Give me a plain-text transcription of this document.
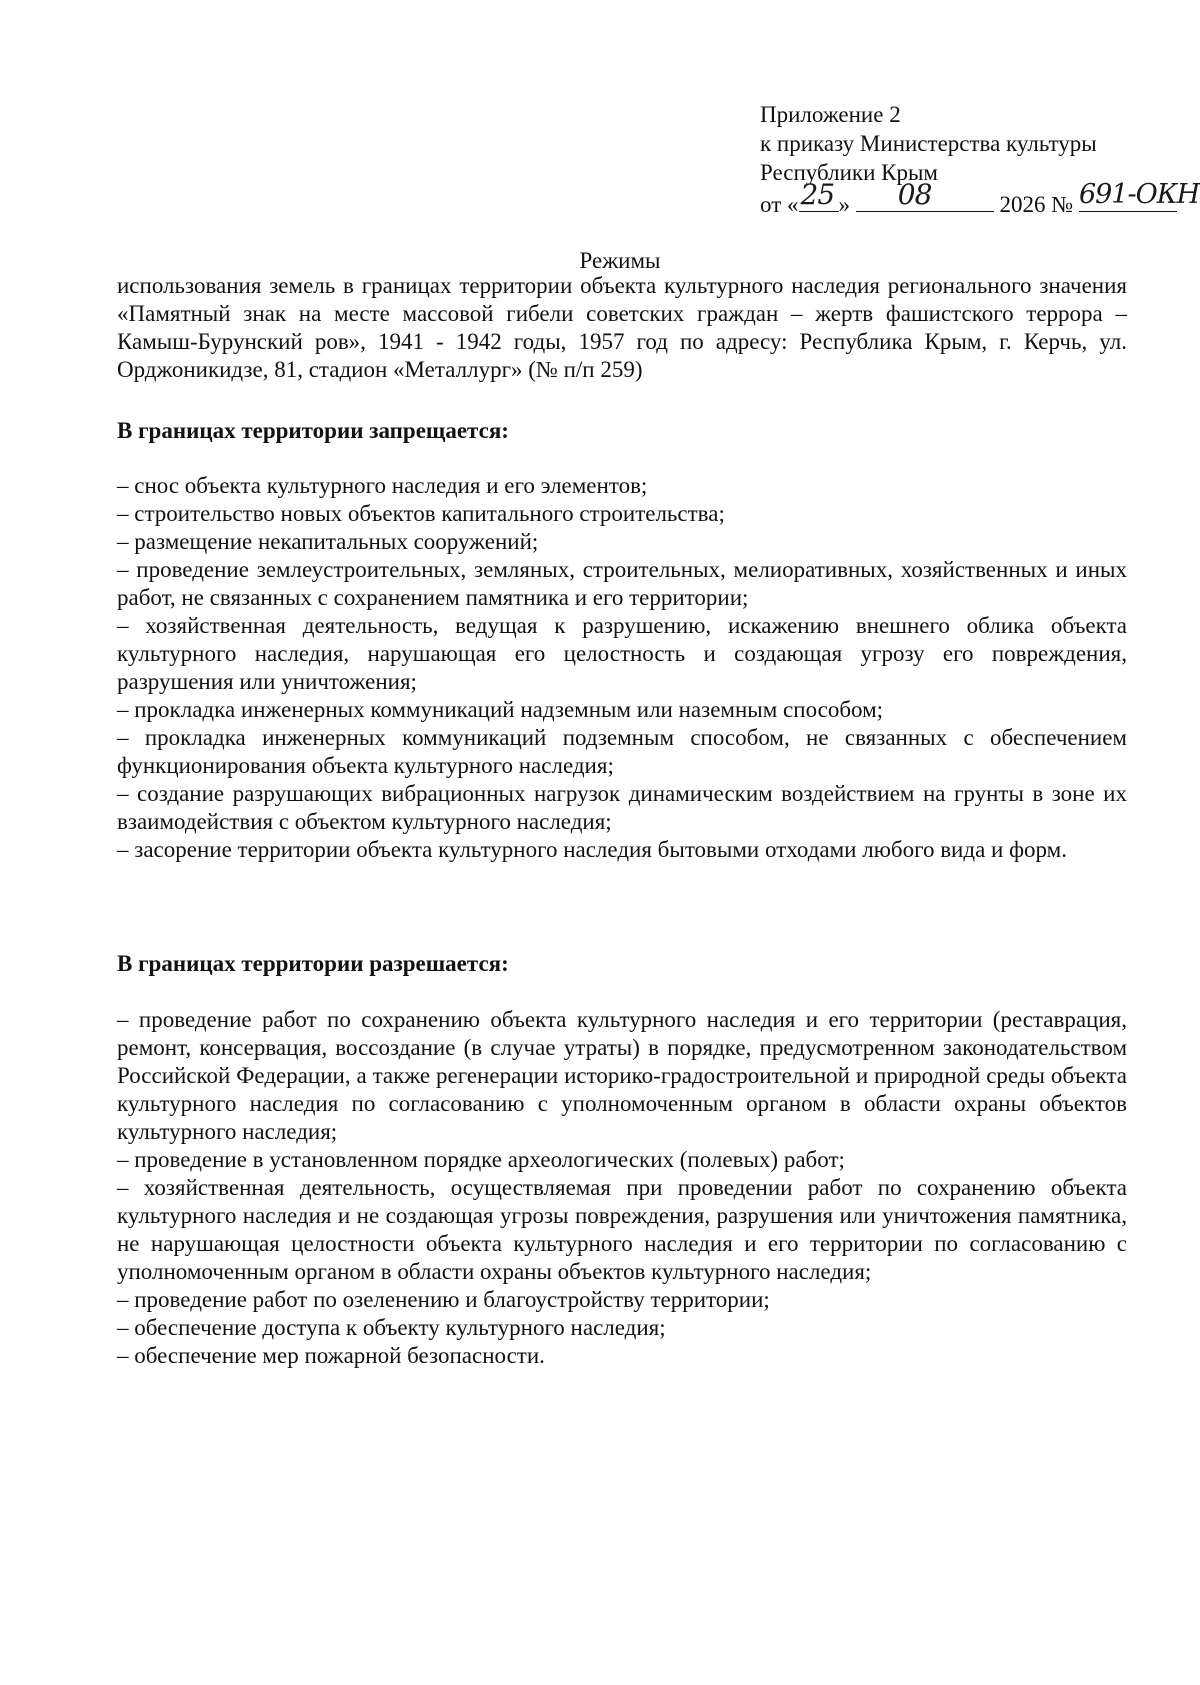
Приложение 2
к приказу Министерства культуры
Республики Крым
от « 25 » 08	2026 № 691-ОКН
Режимы
использования земель в границах территории объекта культурного наследия регионального значения «Памятный знак на месте массовой гибели советских граждан – жертв фашистского террора – Камыш-Бурунский ров», 1941 - 1942 годы, 1957 год по адресу: Республика Крым, г. Керчь, ул. Орджоникидзе, 81, стадион «Металлург» (№ п/п 259)
В границах территории запрещается:
– снос объекта культурного наследия и его элементов;
– строительство новых объектов капитального строительства;
– размещение некапитальных сооружений;
– проведение землеустроительных, земляных, строительных, мелиоративных, хозяйственных и иных работ, не связанных с сохранением памятника и его территории;
– хозяйственная деятельность, ведущая к разрушению, искажению внешнего облика объекта культурного наследия, нарушающая его целостность и создающая угрозу его повреждения, разрушения или уничтожения;
– прокладка инженерных коммуникаций надземным или наземным способом;
– прокладка инженерных коммуникаций подземным способом, не связанных с обеспечением функционирования объекта культурного наследия;
– создание разрушающих вибрационных нагрузок динамическим воздействием на грунты в зоне их взаимодействия с объектом культурного наследия;
– засорение территории объекта культурного наследия бытовыми отходами любого вида и форм.
В границах территории разрешается:
– проведение работ по сохранению объекта культурного наследия и его территории (реставрация, ремонт, консервация, воссоздание (в случае утраты) в порядке, предусмотренном законодательством Российской Федерации, а также регенерации историко-градостроительной и природной среды объекта культурного наследия по согласованию с уполномоченным органом в области охраны объектов культурного наследия;
– проведение в установленном порядке археологических (полевых) работ;
– хозяйственная деятельность, осуществляемая при проведении работ по сохранению объекта культурного наследия и не создающая угрозы повреждения, разрушения или уничтожения памятника, не нарушающая целостности объекта культурного наследия и его территории по согласованию с уполномоченным органом в области охраны объектов культурного наследия;
– проведение работ по озеленению и благоустройству территории;
– обеспечение доступа к объекту культурного наследия;
– обеспечение мер пожарной безопасности.
